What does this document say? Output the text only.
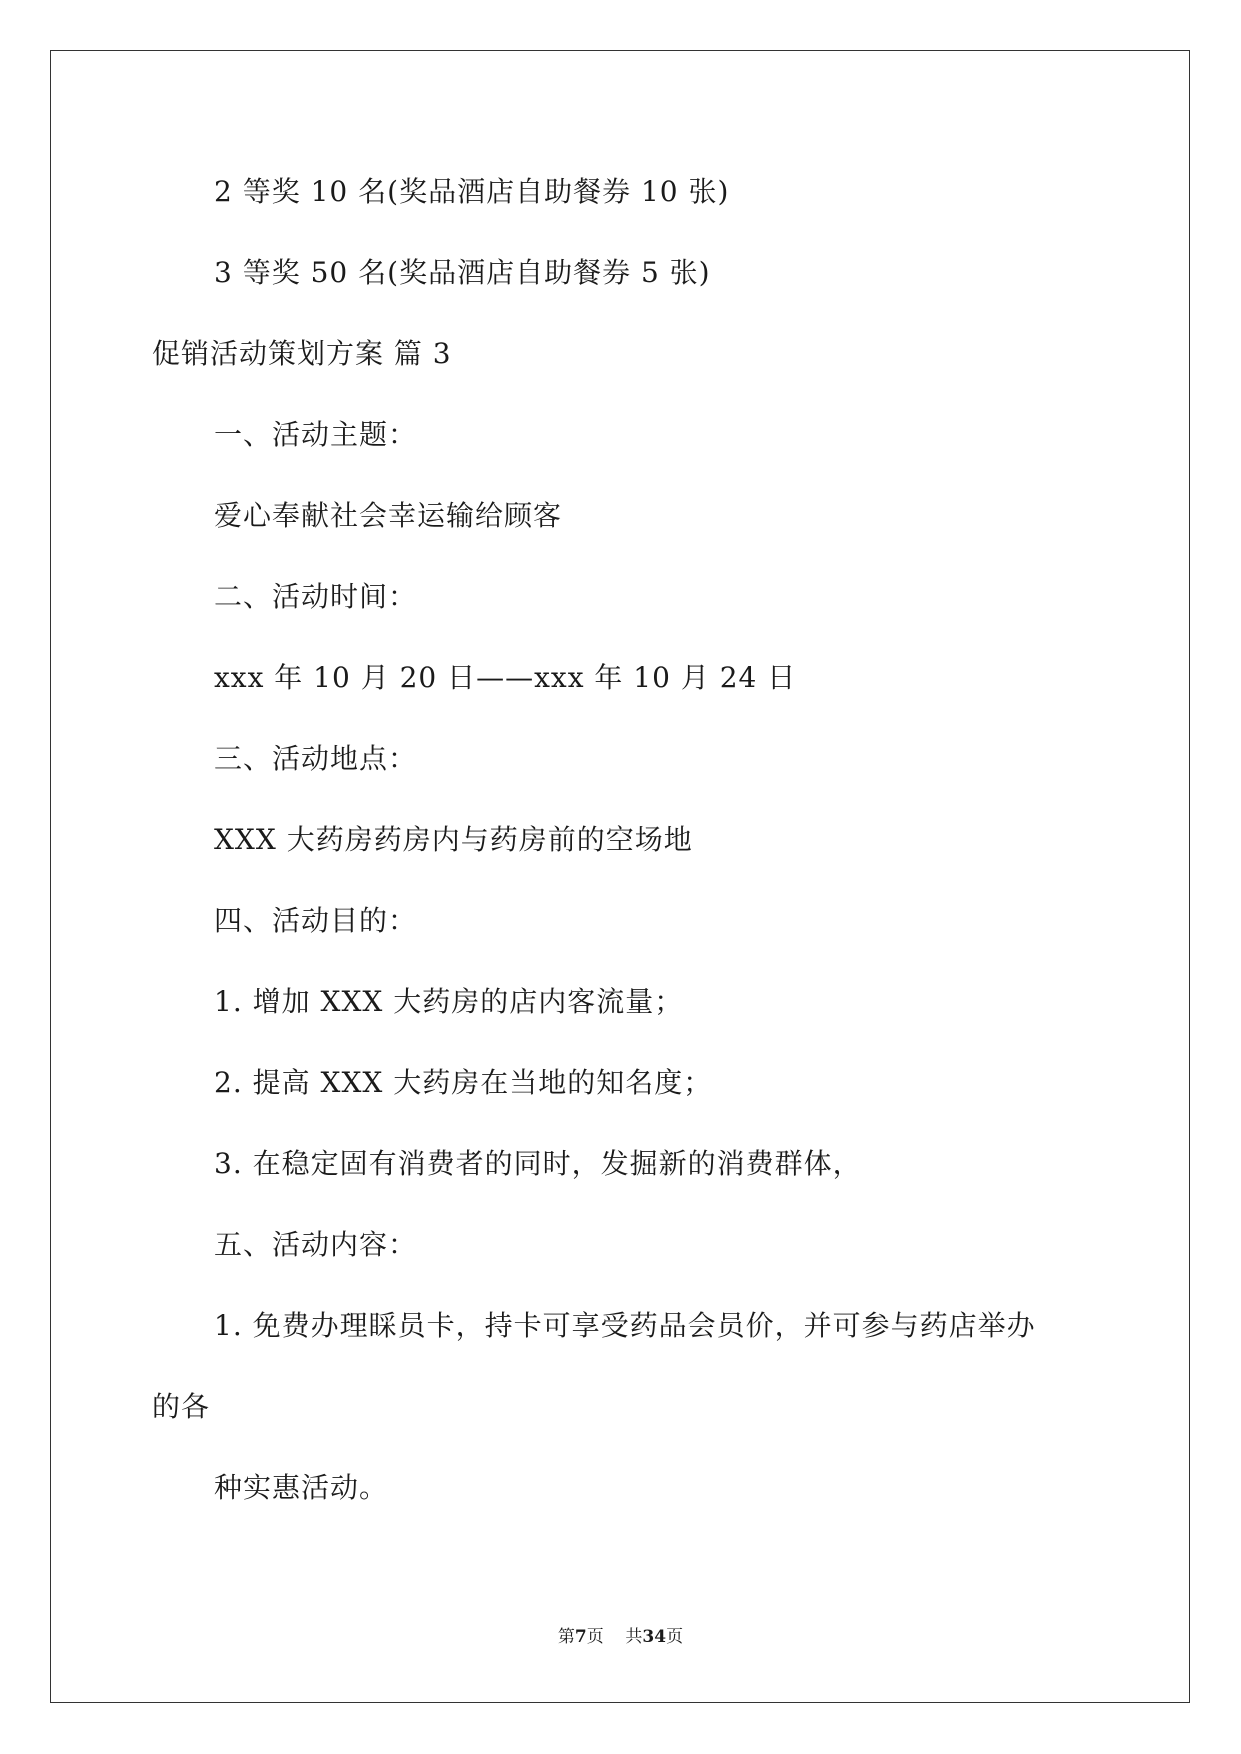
2 等奖 10 名(奖品酒店自助餐券 10 张)
3 等奖 50 名(奖品酒店自助餐券 5 张)
促销活动策划方案 篇 3
一、活动主题：
爱心奉献社会幸运输给顾客
二、活动时间：
xxx 年 10 月 20 日——xxx 年 10 月 24 日
三、活动地点：
XXX 大药房药房内与药房前的空场地
四、活动目的：
1. 增加 XXX 大药房的店内客流量；
2. 提高 XXX 大药房在当地的知名度；
3. 在稳定固有消费者的同时，发掘新的消费群体，
五、活动内容：
1. 免费办理睬员卡，持卡可享受药品会员价，并可参与药店举办
的各
种实惠活动。
第7页    共34页
